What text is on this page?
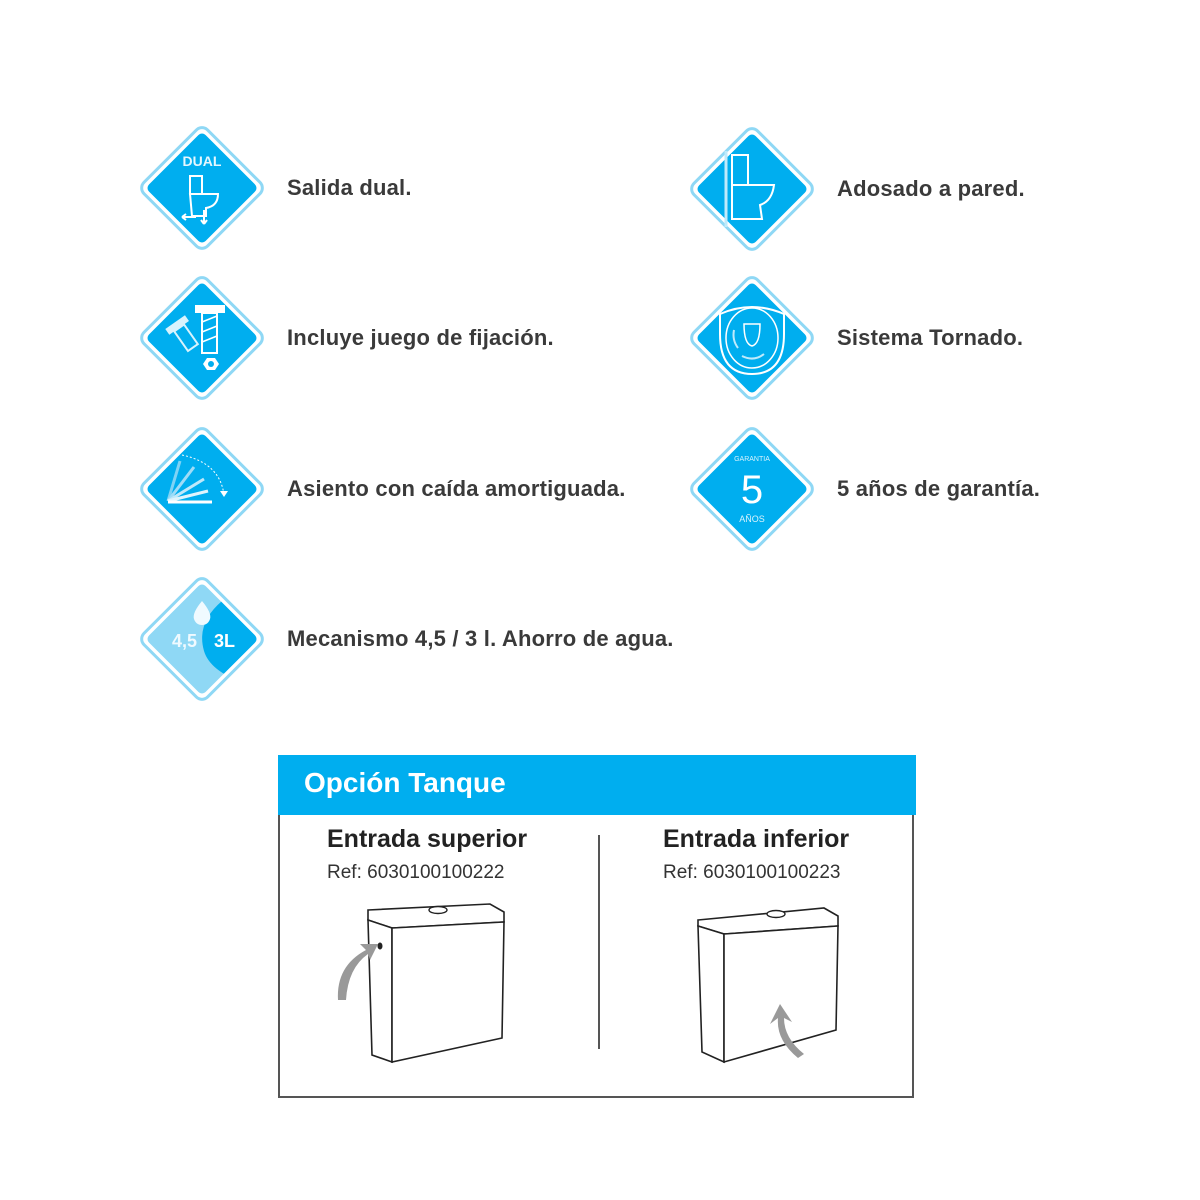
DUAL
Salida dual.	Adosado a pared.
Incluye juego de fijación.	Sistema Tornado.
Asiento con caída amortiguada.
GARANTIA
5
AÑOS
5 años de garantía.
4,5 3L Mecanismo 4,5 / 3 l. Ahorro de agua.
Entrada superior
Ref: 6030100100222
Entrada inferior
Ref: 6030100100223
Opción Tanque
